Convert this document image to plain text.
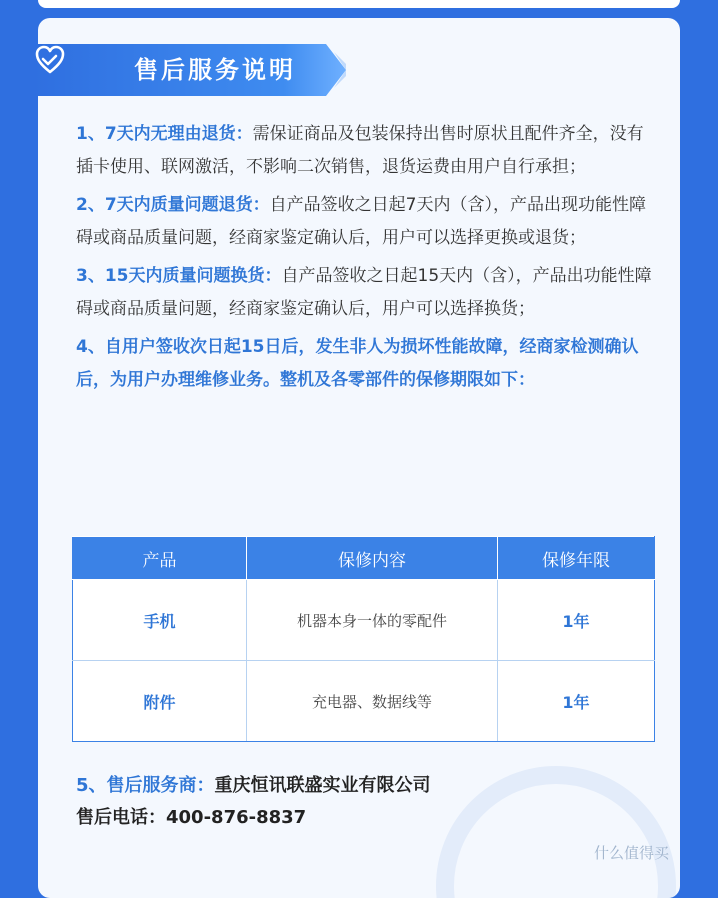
售后服务说明

1、7天内无理由退货：需保证商品及包装保持出售时原状且配件齐全，没有插卡使用、联网激活，不影响二次销售，退货运费由用户自行承担；

2、7天内质量问题退货：自产品签收之日起7天内（含），产品出现功能性障碍或商品质量问题，经商家鉴定确认后，用户可以选择更换或退货；

3、15天内质量问题换货：自产品签收之日起15天内（含），产品出功能性障碍或商品质量问题，经商家鉴定确认后，用户可以选择换货；

4、自用户签收次日起15日后，发生非人为损坏性能故障，经商家检测确认后，为用户办理维修业务。整机及各零部件的保修期限如下：

产品	保修内容	保修年限
手机	机器本身一体的零配件	1年
附件	充电器、数据线等	1年
5、售后服务商：重庆恒讯联盛实业有限公司
售后电话：400-876-8837
什么值得买
